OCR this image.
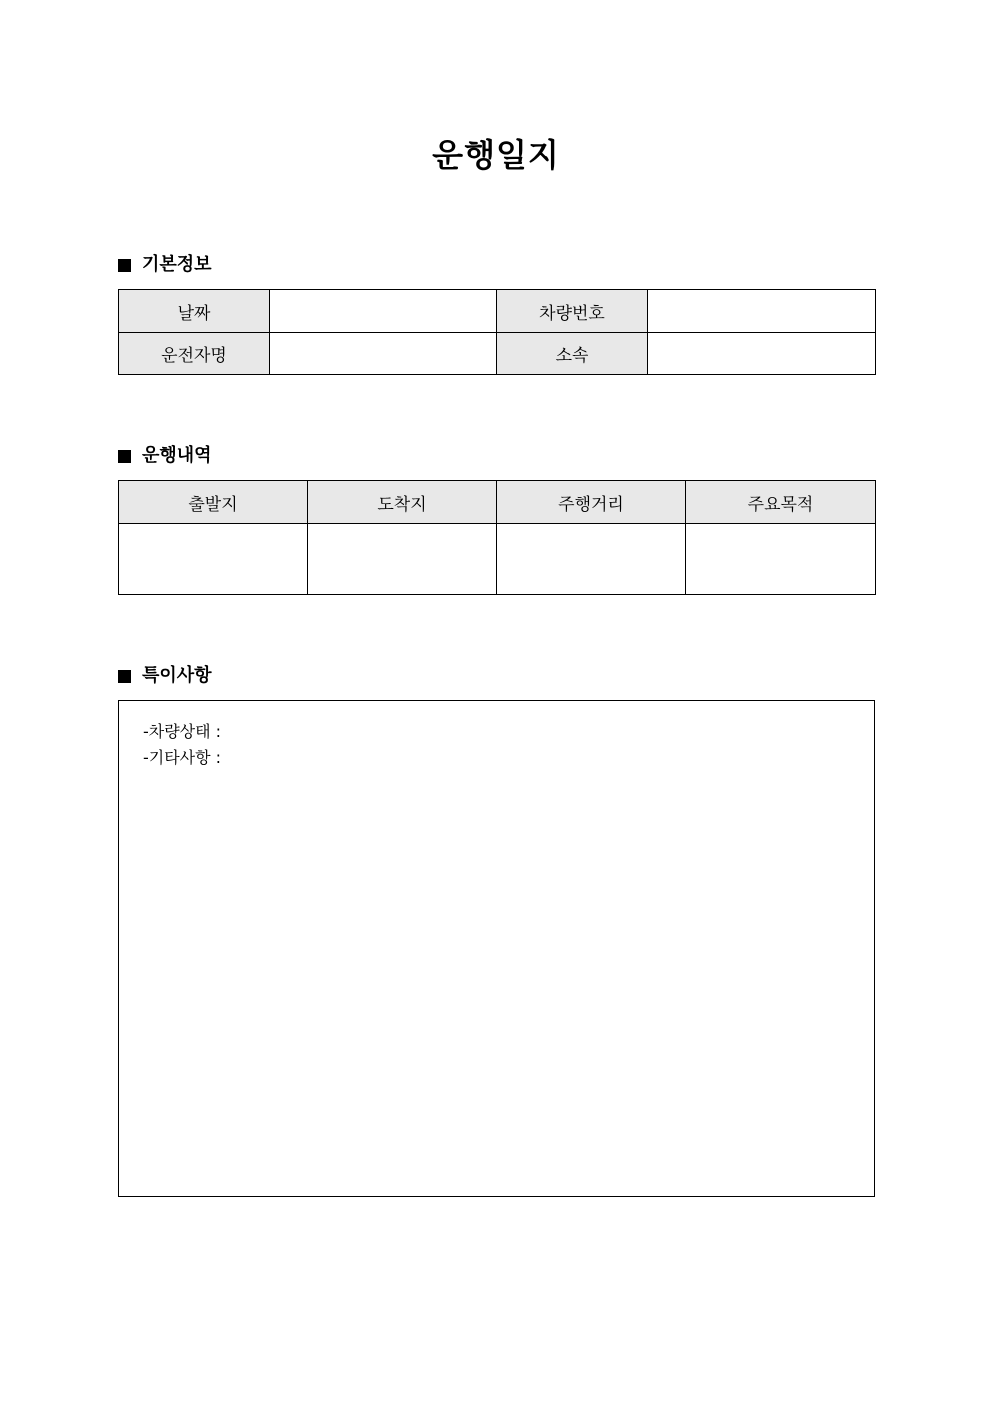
운행일지
기본정보
날짜		차량번호	
운전자명		소속	
운행내역
출발지	도착지	주행거리	주요목적

특이사항
-차량상태 :
-기타사항 :
